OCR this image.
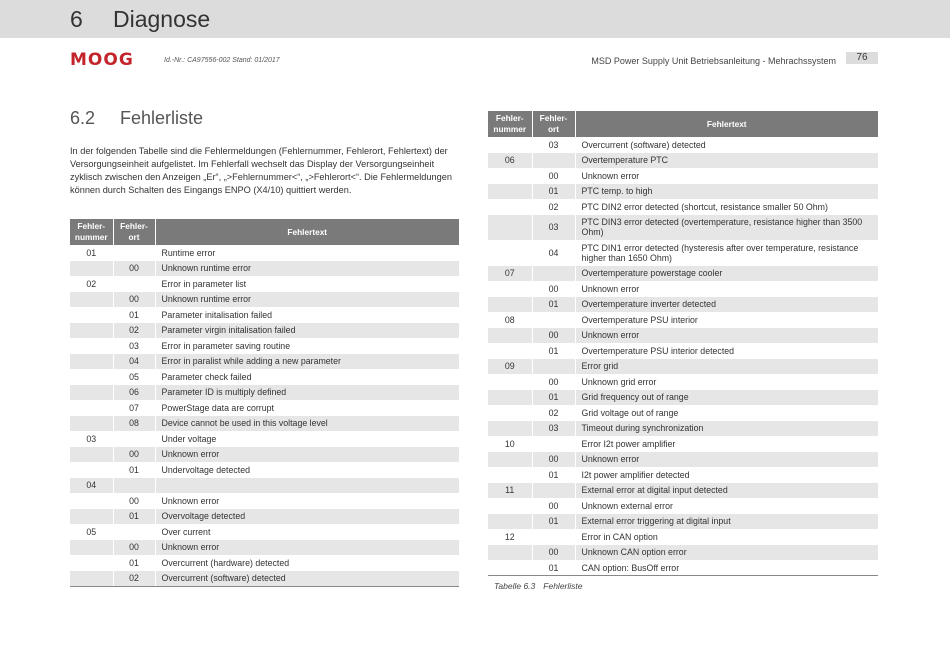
6 Diagnose
MOOG	Id.-Nr.: CA97556-002 Stand: 01/2017	MSD Power Supply Unit Betriebsanleitung - Mehrachssystem	76
6.2 Fehlerliste

In der folgenden Tabelle sind die Fehlermeldungen (Fehlernummer, Fehlerort, Fehlertext) der Versorgungseinheit aufgelistet. Im Fehlerfall wechselt das Display der Versorgungseinheit zyklisch zwischen den Anzeigen „Er“, „>Fehlernummer<“, „>Fehlerort<“. Die Fehlermeldungen können durch Schalten des Eingangs ENPO (X4/10) quittiert werden.

Fehler-
nummer	Fehler-
ort	Fehlertext
01		Runtime error
	00	Unknown runtime error
02		Error in parameter list
	00	Unknown runtime error
	01	Parameter initalisation failed
	02	Parameter virgin initalisation failed
	03	Error in parameter saving routine
	04	Error in paralist while adding a new parameter
	05	Parameter check failed
	06	Parameter ID is multiply defined
	07	PowerStage data are corrupt
	08	Device cannot be used in this voltage level
03		Under voltage
	00	Unknown error
	01	Undervoltage detected
04		
	00	Unknown error
	01	Overvoltage detected
05		Over current
	00	Unknown error
	01	Overcurrent (hardware) detected
	02	Overcurrent (software) detected
Fehler-
nummer	Fehler-
ort	Fehlertext
	03	Overcurrent (software) detected
06		Overtemperature PTC
	00	Unknown error
	01	PTC temp. to high
	02	PTC DIN2 error detected (shortcut, resistance smaller 50 Ohm)
	03	PTC DIN3 error detected (overtemperature, resistance higher than 3500 Ohm)
	04	PTC DIN1 error detected (hysteresis after over temperature, resistance higher than 1650 Ohm)
07		Overtemperature powerstage cooler
	00	Unknown error
	01	Overtemperature inverter detected
08		Overtemperature PSU interior
	00	Unknown error
	01	Overtemperature PSU interior detected
09		Error grid
	00	Unknown grid error
	01	Grid frequency out of range
	02	Grid voltage out of range
	03	Timeout during synchronization
10		Error I2t power amplifier
	00	Unknown error
	01	I2t power amplifier detected
11		External error at digital input detected
	00	Unknown external error
	01	External error triggering at digital input
12		Error in CAN option
	00	Unknown CAN option error
	01	CAN option: BusOff error
Tabelle 6.3 Fehlerliste
